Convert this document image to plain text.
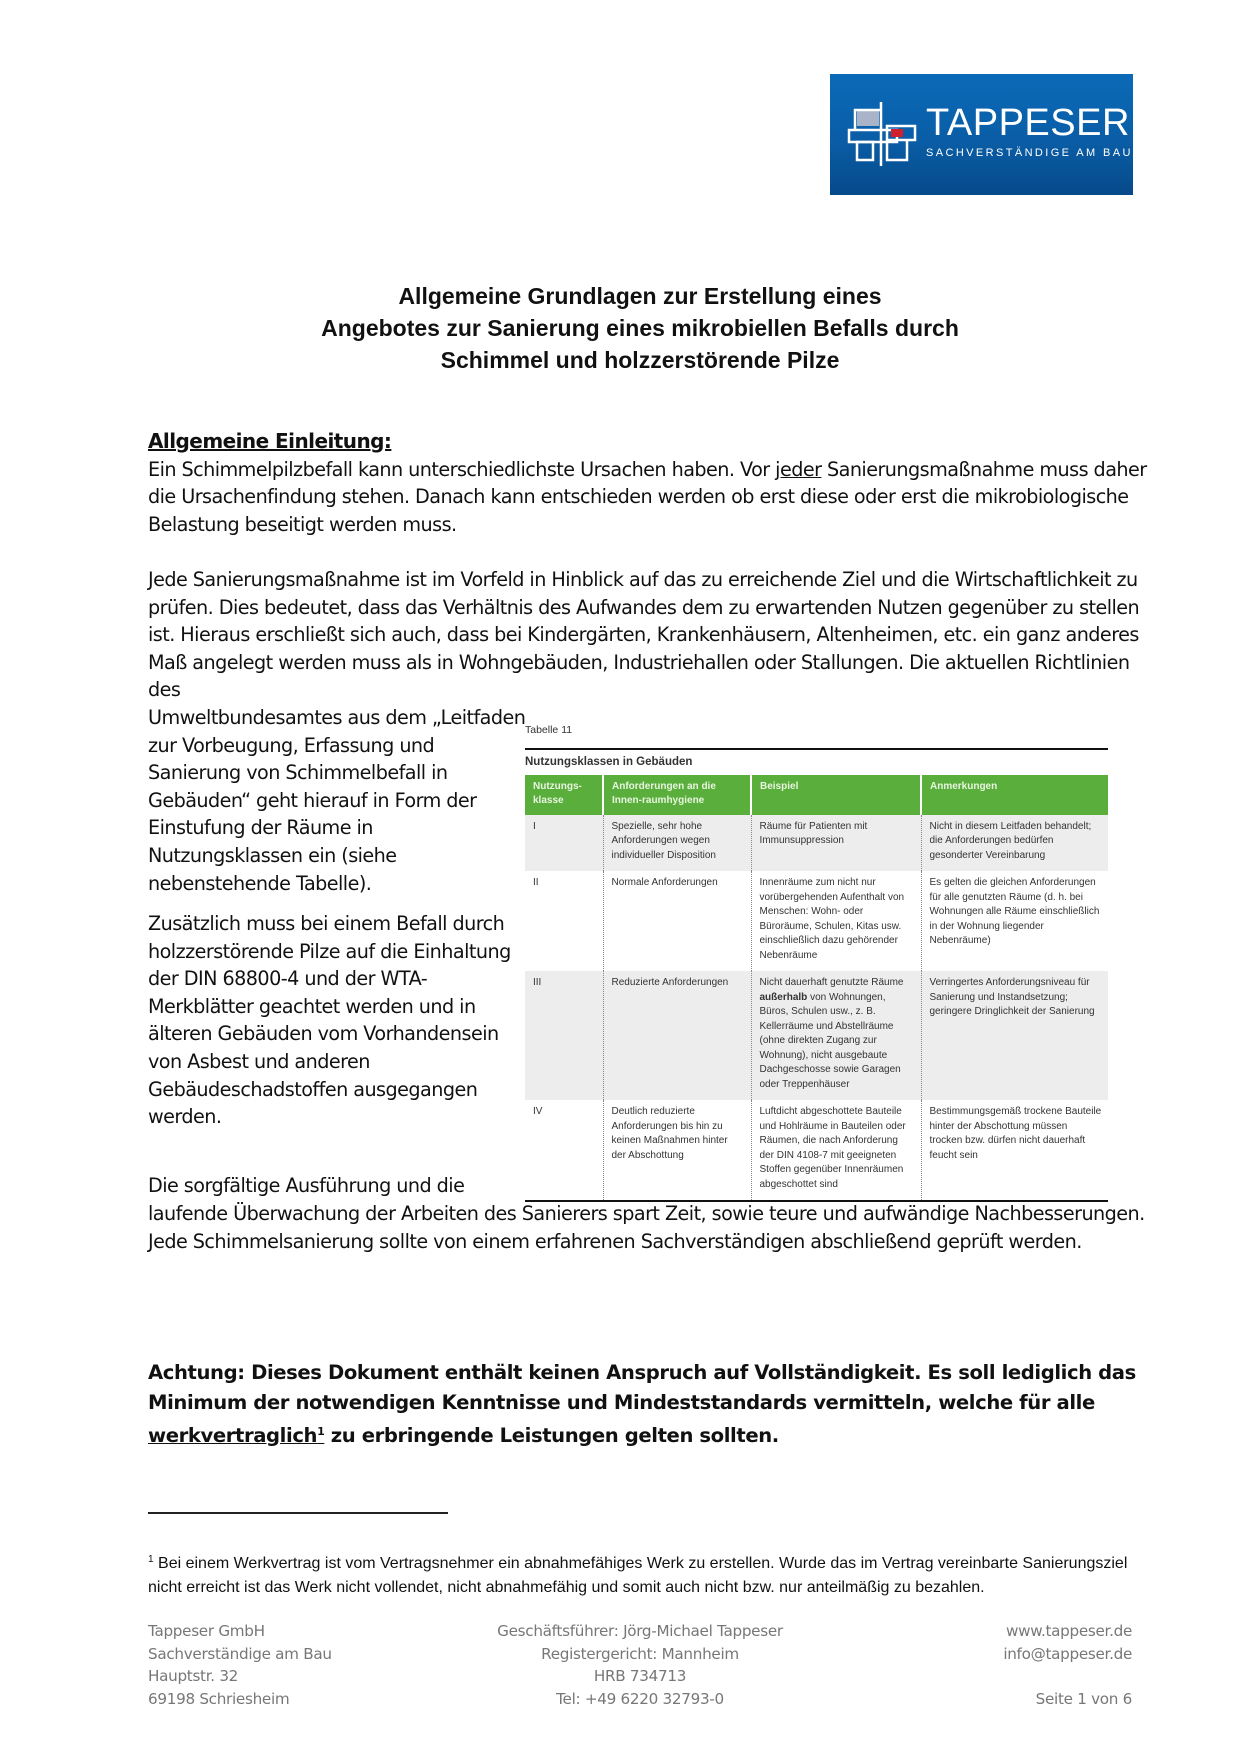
TAPPESER
SACHVERSTÄNDIGE AM BAU
Allgemeine Grundlagen zur Erstellung eines
Angebotes zur Sanierung eines mikrobiellen Befalls durch
Schimmel und holzzerstörende Pilze
Allgemeine Einleitung:
Ein Schimmelpilzbefall kann unterschiedlichste Ursachen haben. Vor jeder Sanierungsmaßnahme muss daher die Ursachenfindung stehen. Danach kann entschieden werden ob erst diese oder erst die mikrobiologische Belastung beseitigt werden muss.
Jede Sanierungsmaßnahme ist im Vorfeld in Hinblick auf das zu erreichende Ziel und die Wirtschaftlichkeit zu prüfen. Dies bedeutet, dass das Verhältnis des Aufwandes dem zu erwartenden Nutzen gegenüber zu stellen ist. Hieraus erschließt sich auch, dass bei Kindergärten, Krankenhäusern, Altenheimen, etc. ein ganz anderes Maß angelegt werden muss als in Wohngebäuden, Industriehallen oder Stallungen. Die aktuellen Richtlinien des
Umweltbundesamtes aus dem „Leitfaden zur Vorbeugung, Erfassung und Sanierung von Schimmelbefall in Gebäuden“ geht hierauf in Form der Einstufung der Räume in Nutzungsklassen ein (siehe nebenstehende Tabelle).
Zusätzlich muss bei einem Befall durch holzzerstörende Pilze auf die Einhaltung der DIN 68800-4 und der WTA-Merkblätter geachtet werden und in älteren Gebäuden vom Vorhandensein von Asbest und anderen Gebäudeschadstoffen ausgegangen werden.
Die sorgfältige Ausführung und die
laufende Überwachung der Arbeiten des Sanierers spart Zeit, sowie teure und aufwändige Nachbesserungen. Jede Schimmelsanierung sollte von einem erfahrenen Sachverständigen abschließend geprüft werden.
Tabelle 11
Nutzungsklassen in Gebäuden
Nutzungs-klasse	Anforderungen an die Innen-raumhygiene	Beispiel	Anmerkungen
I	Spezielle, sehr hohe Anforderungen wegen individueller Disposition	Räume für Patienten mit Immunsuppression	Nicht in diesem Leitfaden behandelt; die Anforderungen bedürfen gesonderter Vereinbarung
II	Normale Anforderungen	Innenräume zum nicht nur vorübergehenden Aufenthalt von Menschen: Wohn- oder Büroräume, Schulen, Kitas usw. einschließlich dazu gehörender Nebenräume	Es gelten die gleichen Anforderungen für alle genutzten Räume (d. h. bei Wohnungen alle Räume einschließlich in der Wohnung liegender Nebenräume)
III	Reduzierte Anforderungen	Nicht dauerhaft genutzte Räume außerhalb von Wohnungen, Büros, Schulen usw., z. B. Kellerräume und Abstellräume (ohne direkten Zugang zur Wohnung), nicht ausgebaute Dachgeschosse sowie Garagen oder Treppenhäuser	Verringertes Anforderungsniveau für Sanierung und Instandsetzung; geringere Dringlichkeit der Sanierung
IV	Deutlich reduzierte Anforderungen bis hin zu keinen Maßnahmen hinter der Abschottung	Luftdicht abgeschottete Bauteile und Hohlräume in Bauteilen oder Räumen, die nach Anforderung der DIN 4108-7 mit geeigneten Stoffen gegenüber Innenräumen abgeschottet sind	Bestimmungsgemäß trockene Bauteile hinter der Abschottung müssen trocken bzw. dürfen nicht dauerhaft feucht sein
Achtung: Dieses Dokument enthält keinen Anspruch auf Vollständigkeit. Es soll lediglich das Minimum der notwendigen Kenntnisse und Mindeststandards vermitteln, welche für alle werkvertraglich$^1$ zu erbringende Leistungen gelten sollten.
$^1$ Bei einem Werkvertrag ist vom Vertragsnehmer ein abnahmefähiges Werk zu erstellen. Wurde das im Vertrag vereinbarte Sanierungsziel nicht erreicht ist das Werk nicht vollendet, nicht abnahmefähig und somit auch nicht bzw. nur anteilmäßig zu bezahlen.
Tappeser GmbH
Sachverständige am Bau
Hauptstr. 32
69198 Schriesheim
Geschäftsführer: Jörg-Michael Tappeser
Registergericht: Mannheim
HRB 734713
Tel: +49 6220 32793-0
www.tappeser.de
info@tappeser.de
Seite 1 von 6
